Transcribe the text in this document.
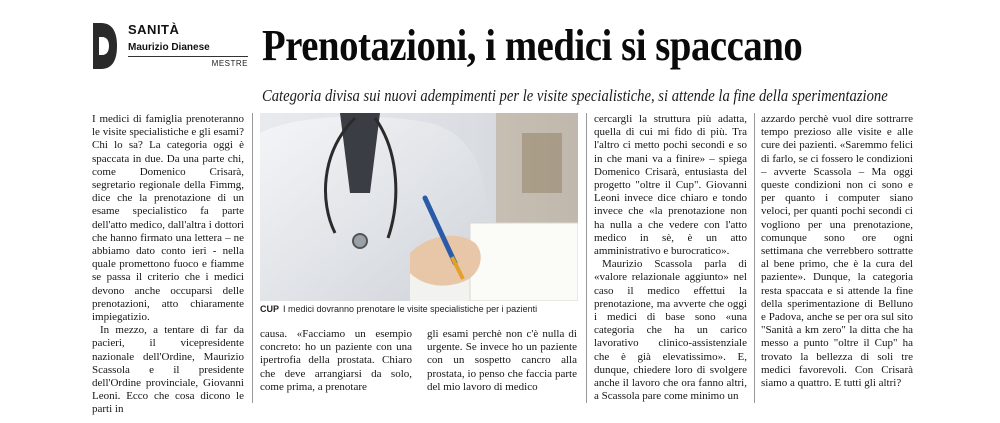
SANITÀ
Maurizio Dianese
MESTRE Prenotazioni, i medici si spaccano
Categoria divisa sui nuovi adempimenti per le visite specialistiche, si attende la fine della sperimentazione

I medici di famiglia prenoteranno le visite specialistiche e gli esami? Chi lo sa? La categoria oggi è spaccata in due. Da una parte chi, come Domenico Crisarà, segretario regionale della Fimmg, dice che la prenotazione di un esame specialistico fa parte dell'atto medico, dall'altra i dottori che hanno firmato una lettera – ne abbiamo dato conto ieri - nella quale promettono fuoco e fiamme se passa il criterio che i medici devono anche occuparsi delle prenotazioni, atto chiaramente impiegatizio.

In mezzo, a tentare di far da pacieri, il vicepresidente nazionale dell'Ordine, Maurizio Scassola e il presidente dell'Ordine provinciale, Giovanni Leoni. Ecco che cosa dicono le parti in

CUP I medici dovranno prenotare le visite specialistiche per i pazienti

causa. «Facciamo un esempio concreto: ho un paziente con una ipertrofia della prostata. Chiaro che deve arrangiarsi da solo, come prima, a prenotare

gli esami perchè non c'è nulla di urgente. Se invece ho un paziente con un sospetto cancro alla prostata, io penso che faccia parte del mio lavoro di medico

cercargli la struttura più adatta, quella di cui mi fido di più. Tra l'altro ci metto pochi secondi e so in che mani va a finire» – spiega Domenico Crisarà, entusiasta del progetto "oltre il Cup". Giovanni Leoni invece dice chiaro e tondo invece che «la prenotazione non ha nulla a che vedere con l'atto medico in sè, è un atto amministrativo e burocratico».

Maurizio Scassola parla di «valore relazionale aggiunto» nel caso il medico effettui la prenotazione, ma avverte che oggi i medici di base sono «una categoria che ha un carico lavorativo clinico-assistenziale che è già elevatissimo». E, dunque, chiedere loro di svolgere anche il lavoro che ora fanno altri, a Scassola pare come minimo un

azzardo perchè vuol dire sottrarre tempo prezioso alle visite e alle cure dei pazienti. «Saremmo felici di farlo, se ci fossero le condizioni – avverte Scassola – Ma oggi queste condizioni non ci sono e per quanto i computer siano veloci, per quanti pochi secondi ci vogliono per una prenotazione, comunque sono ore ogni settimana che verrebbero sottratte al bene primo, che è la cura del paziente». Dunque, la categoria resta spaccata e si attende la fine della sperimentazione di Belluno e Padova, anche se per ora sul sito "Sanità a km zero" la ditta che ha messo a punto "oltre il Cup" ha trovato la bellezza di soli tre medici favorevoli. Con Crisarà siamo a quattro. E tutti gli altri?
